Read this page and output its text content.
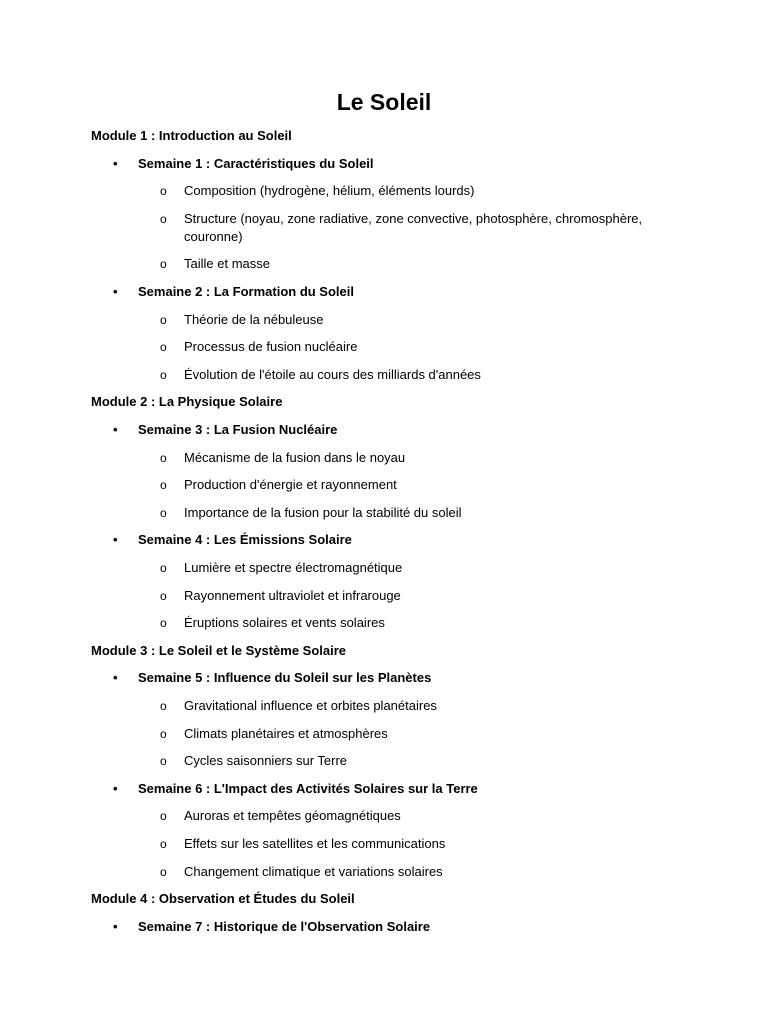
Le Soleil
Module 1 : Introduction au Soleil
• Semaine 1 : Caractéristiques du Soleil
o Composition (hydrogène, hélium, éléments lourds)
o Structure (noyau, zone radiative, zone convective, photosphère, chromosphère, couronne)
o Taille et masse
• Semaine 2 : La Formation du Soleil
o Théorie de la nébuleuse
o Processus de fusion nucléaire
o Évolution de l'étoile au cours des milliards d'années
Module 2 : La Physique Solaire
• Semaine 3 : La Fusion Nucléaire
o Mécanisme de la fusion dans le noyau
o Production d'énergie et rayonnement
o Importance de la fusion pour la stabilité du soleil
• Semaine 4 : Les Émissions Solaire
o Lumière et spectre électromagnétique
o Rayonnement ultraviolet et infrarouge
o Éruptions solaires et vents solaires
Module 3 : Le Soleil et le Système Solaire
• Semaine 5 : Influence du Soleil sur les Planètes
o Gravitational influence et orbites planétaires
o Climats planétaires et atmosphères
o Cycles saisonniers sur Terre
• Semaine 6 : L'Impact des Activités Solaires sur la Terre
o Auroras et tempêtes géomagnétiques
o Effets sur les satellites et les communications
o Changement climatique et variations solaires
Module 4 : Observation et Études du Soleil
• Semaine 7 : Historique de l'Observation Solaire
